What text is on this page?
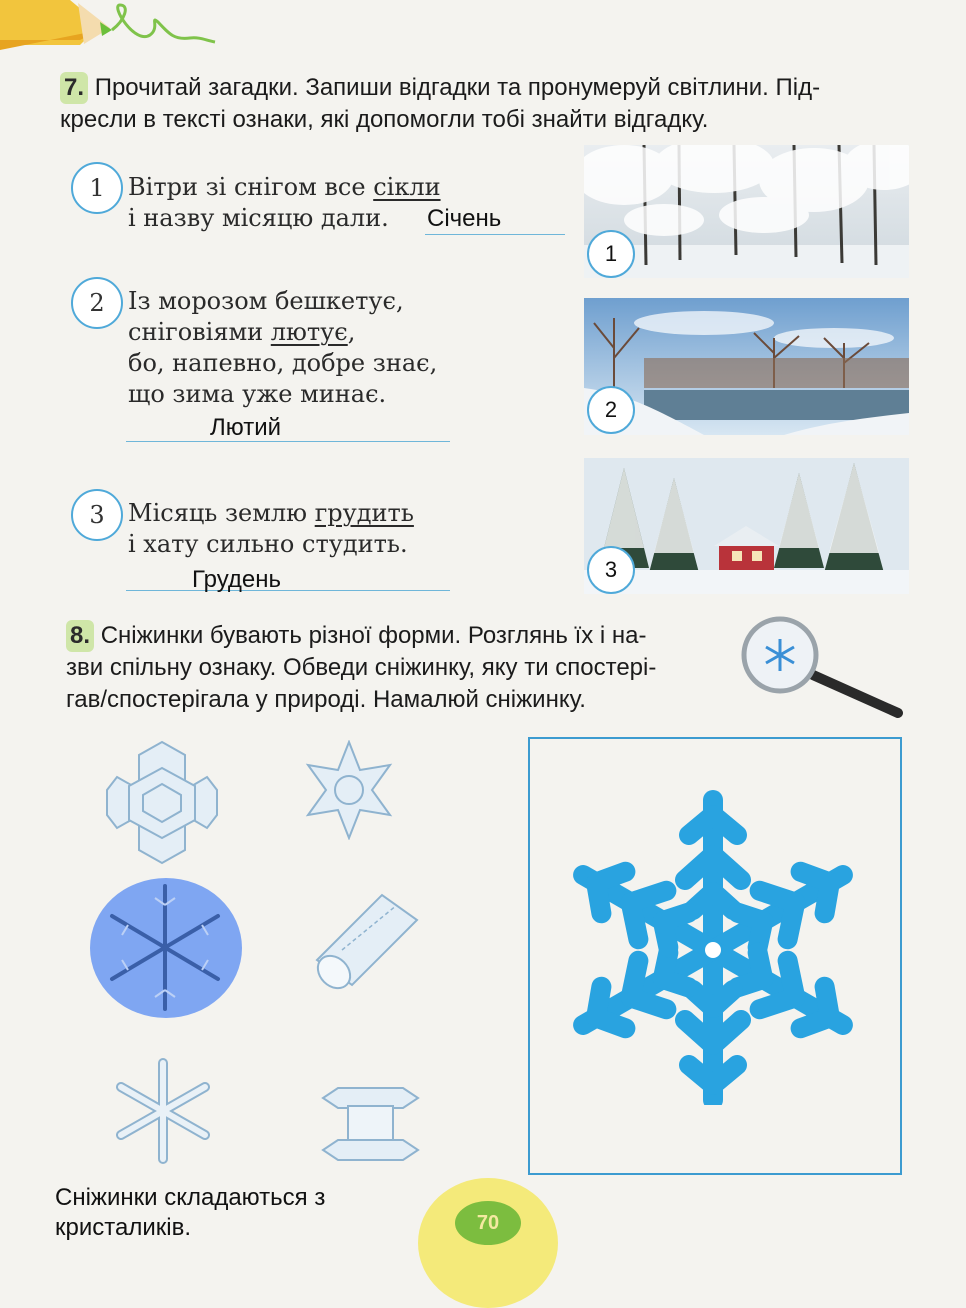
7. Прочитай загадки. Запиши відгадки та пронумеруй світлини. Під-
кресли в тексті ознаки, які допомогли тобі знайти відгадку.
1 Вітри зі снігом все сікли
і назву місяцю дали.	Січень
2 Із морозом бешкетує,
сніговіями лютує,
бо, напевно, добре знає,
що зима уже минає.
Лютий
3 Місяць землю грудить
і хату сильно студить.
Грудень
1
2
3
8. Сніжинки бувають різної форми. Розглянь їх і на-
зви спільну ознаку. Обведи сніжинку, яку ти спостері-
гав/спостерігала у природі. Намалюй сніжинку.
Сніжинки складаються з
кристаликів.	70
